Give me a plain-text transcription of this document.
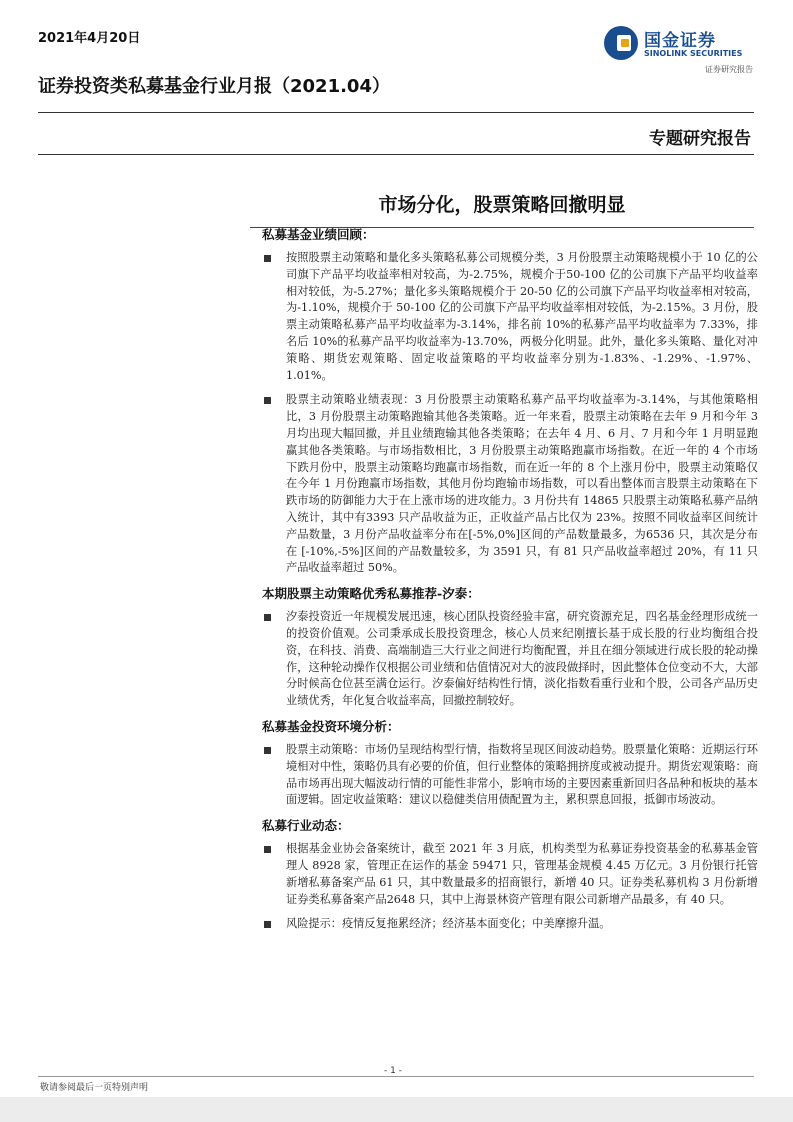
2021年4月20日	国金证券
SINOLINK SECURITIES
证券研究报告
证券投资类私募基金行业月报（2021.04）
专题研究报告
市场分化，股票策略回撤明显
私募基金业绩回顾：
按照股票主动策略和量化多头策略私募公司规模分类，3 月份股票主动策略规模小于 10 亿的公司旗下产品平均收益率相对较高，为-2.75%，规模介于50-100 亿的公司旗下产品平均收益率相对较低，为-5.27%；量化多头策略规模介于 20-50 亿的公司旗下产品平均收益率相对较高，为-1.10%，规模介于 50-100 亿的公司旗下产品平均收益率相对较低，为-2.15%。3 月份，股票主动策略私募产品平均收益率为-3.14%，排名前 10%的私募产品平均收益率为 7.33%，排名后 10%的私募产品平均收益率为-13.70%，两极分化明显。此外，量化多头策略、量化对冲策略、期货宏观策略、固定收益策略的平均收益率分别为-1.83%、-1.29%、-1.97%、1.01%。
股票主动策略业绩表现：3 月份股票主动策略私募产品平均收益率为-3.14%，与其他策略相比，3 月份股票主动策略跑输其他各类策略。近一年来看，股票主动策略在去年 9 月和今年 3 月均出现大幅回撤，并且业绩跑输其他各类策略；在去年 4 月、6 月、7 月和今年 1 月明显跑赢其他各类策略。与市场指数相比，3 月份股票主动策略跑赢市场指数。在近一年的 4 个市场下跌月份中，股票主动策略均跑赢市场指数，而在近一年的 8 个上涨月份中，股票主动策略仅在今年 1 月份跑赢市场指数，其他月份均跑输市场指数，可以看出整体而言股票主动策略在下跌市场的防御能力大于在上涨市场的进攻能力。3 月份共有 14865 只股票主动策略私募产品纳入统计，其中有3393 只产品收益为正，正收益产品占比仅为 23%。按照不同收益率区间统计产品数量，3 月份产品收益率分布在[-5%,0%]区间的产品数量最多，为6536 只，其次是分布在 [-10%,-5%]区间的产品数量较多，为 3591 只，有 81 只产品收益率超过 20%，有 11 只产品收益率超过 50%。
本期股票主动策略优秀私募推荐-汐泰：
汐泰投资近一年规模发展迅速，核心团队投资经验丰富，研究资源充足，四名基金经理形成统一的投资价值观。公司秉承成长股投资理念，核心人员来纪刚擅长基于成长股的行业均衡组合投资，在科技、消费、高端制造三大行业之间进行均衡配置，并且在细分领域进行成长股的轮动操作，这种轮动操作仅根据公司业绩和估值情况对大的波段做择时，因此整体仓位变动不大，大部分时候高仓位甚至满仓运行。汐泰偏好结构性行情，淡化指数看重行业和个股，公司各产品历史业绩优秀，年化复合收益率高，回撤控制较好。
私募基金投资环境分析：
股票主动策略：市场仍呈现结构型行情，指数将呈现区间波动趋势。股票量化策略：近期运行环境相对中性，策略仍具有必要的价值，但行业整体的策略拥挤度或被动提升。期货宏观策略：商品市场再出现大幅波动行情的可能性非常小，影响市场的主要因素重新回归各品种和板块的基本面逻辑。固定收益策略：建议以稳健类信用债配置为主，累积票息回报，抵御市场波动。
私募行业动态：
根据基金业协会备案统计，截至 2021 年 3 月底，机构类型为私募证券投资基金的私募基金管理人 8928 家，管理正在运作的基金 59471 只，管理基金规模 4.45 万亿元。3 月份银行托管新增私募备案产品 61 只，其中数量最多的招商银行，新增 40 只。证券类私募机构 3 月份新增证券类私募备案产品2648 只，其中上海景林资产管理有限公司新增产品最多，有 40 只。
风险提示：疫情反复拖累经济；经济基本面变化；中美摩擦升温。
- 1 -
敬请参阅最后一页特别声明
